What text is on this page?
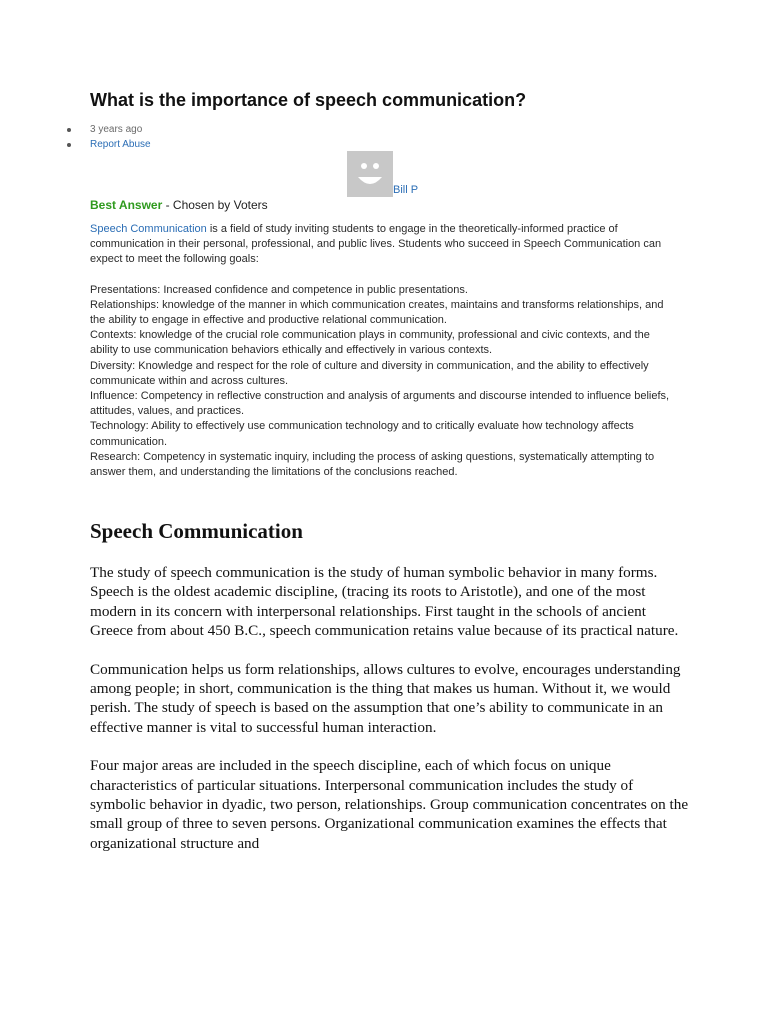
What is the importance of speech communication?
3 years ago
Report Abuse
Bill P
Best Answer - Chosen by Voters

Speech Communication is a field of study inviting students to engage in the theoretically-informed practice of communication in their personal, professional, and public lives. Students who succeed in Speech Communication can expect to meet the following goals:

Presentations: Increased confidence and competence in public presentations.

Relationships: knowledge of the manner in which communication creates, maintains and transforms relationships, and the ability to engage in effective and productive relational communication.

Contexts: knowledge of the crucial role communication plays in community, professional and civic contexts, and the ability to use communication behaviors ethically and effectively in various contexts.

Diversity: Knowledge and respect for the role of culture and diversity in communication, and the ability to effectively communicate within and across cultures.

Influence: Competency in reflective construction and analysis of arguments and discourse intended to influence beliefs, attitudes, values, and practices.

Technology: Ability to effectively use communication technology and to critically evaluate how technology affects communication.

Research: Competency in systematic inquiry, including the process of asking questions, systematically attempting to answer them, and understanding the limitations of the conclusions reached.

Speech Communication

The study of speech communication is the study of human symbolic behavior in many forms. Speech is the oldest academic discipline, (tracing its roots to Aristotle), and one of the most modern in its concern with interpersonal relationships. First taught in the schools of ancient Greece from about 450 B.C., speech communication retains value because of its practical nature.

Communication helps us form relationships, allows cultures to evolve, encourages understanding among people; in short, communication is the thing that makes us human. Without it, we would perish. The study of speech is based on the assumption that one’s ability to communicate in an effective manner is vital to successful human interaction.

Four major areas are included in the speech discipline, each of which focus on unique characteristics of particular situations. Interpersonal communication includes the study of symbolic behavior in dyadic, two person, relationships. Group communication concentrates on the small group of three to seven persons. Organizational communication examines the effects that organizational structure and
